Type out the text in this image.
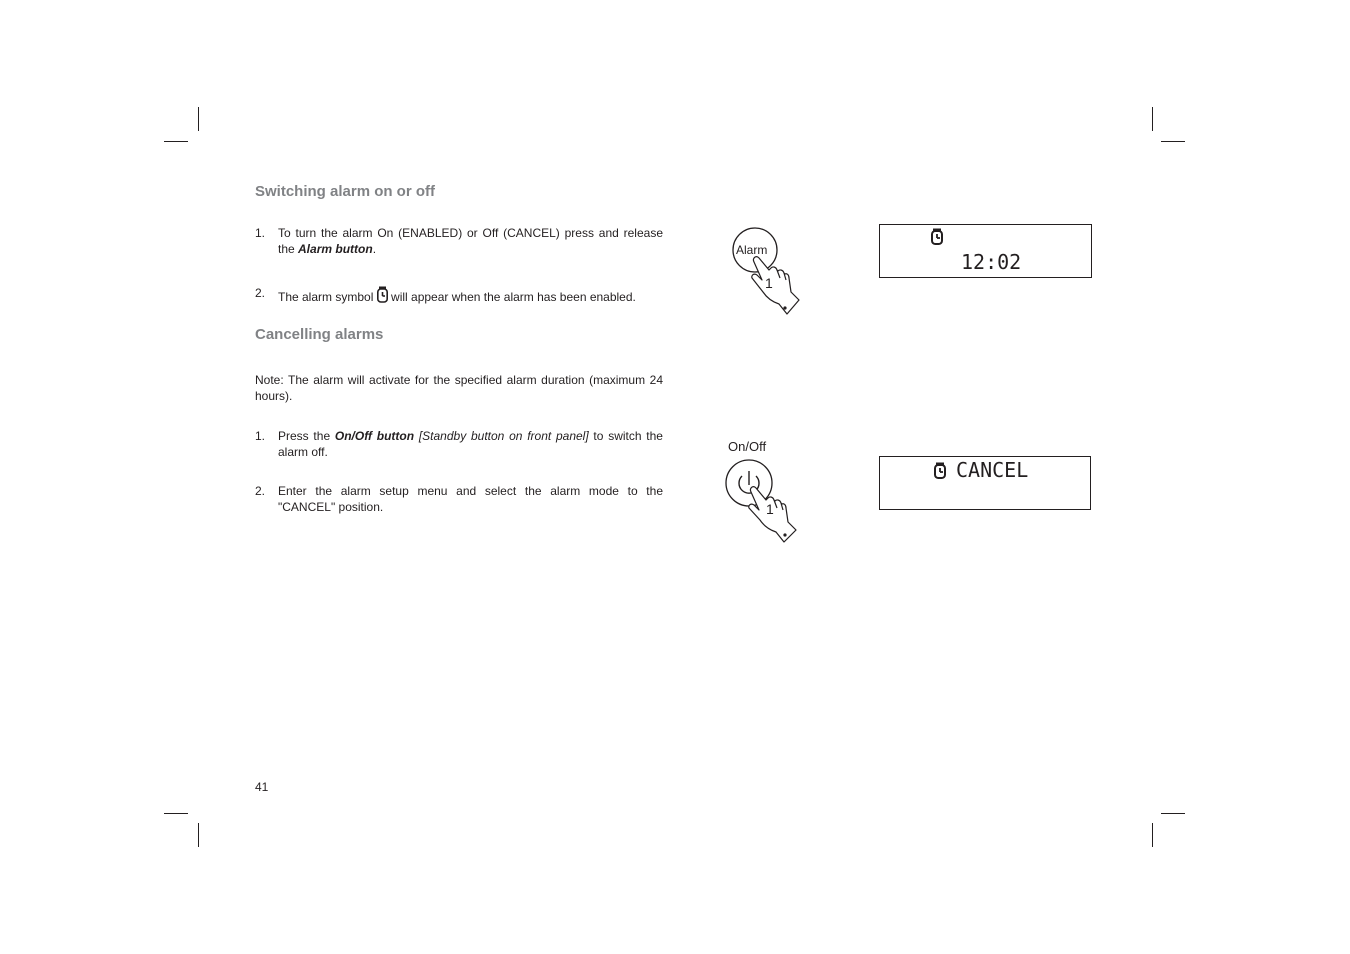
Switching alarm on or off
1. To turn the alarm On (ENABLED) or Off (CANCEL) press and release the Alarm button.

2. The alarm symbol  will appear when the alarm has been enabled.

Cancelling alarms

Note: The alarm will activate for the specified alarm duration (maximum 24 hours).

1. Press the On/Off button [Standby button on front panel] to switch the alarm off.

2. Enter the alarm setup menu and select the alarm mode to the "CANCEL" position.

Alarm
1
12:02
On/Off
1
CANCEL
41
